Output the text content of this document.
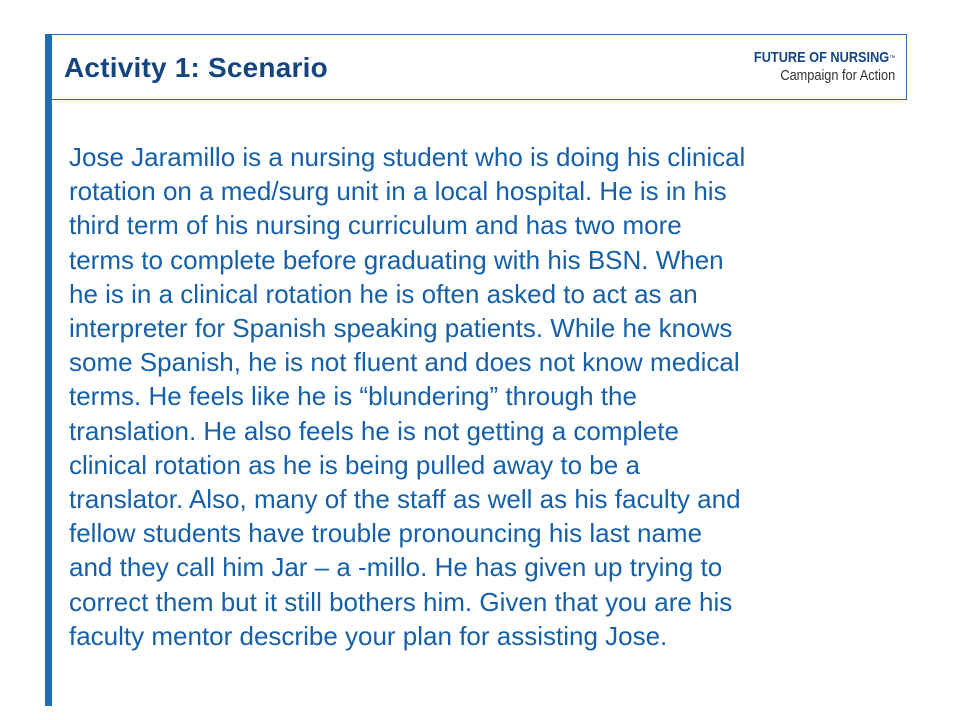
Activity 1: Scenario	FUTURE OF NURSING™
Campaign for Action
Jose Jaramillo is a nursing student who is doing his clinical
rotation on a med/surg unit in a local hospital. He is in his
third term of his nursing curriculum and has two more
terms to complete before graduating with his BSN. When
he is in a clinical rotation he is often asked to act as an
interpreter for Spanish speaking patients. While he knows
some Spanish, he is not fluent and does not know medical
terms. He feels like he is “blundering” through the
translation. He also feels he is not getting a complete
clinical rotation as he is being pulled away to be a
translator. Also, many of the staff as well as his faculty and
fellow students have trouble pronouncing his last name
and they call him Jar – a -millo. He has given up trying to
correct them but it still bothers him. Given that you are his
faculty mentor describe your plan for assisting Jose.
